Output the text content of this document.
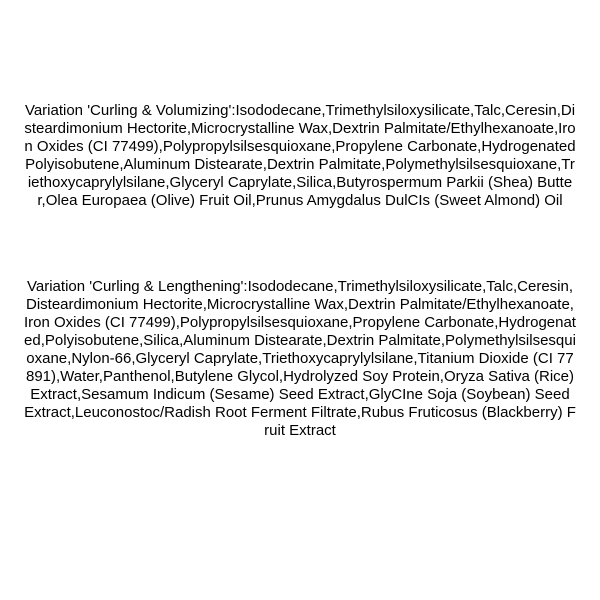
Variation 'Curling & Volumizing':Isododecane,Trimethylsiloxysilicate,Talc,Ceresin,Disteardimonium Hectorite,Microcrystalline Wax,Dextrin Palmitate/Ethylhexanoate,Iron Oxides (CI 77499),Polypropylsilsesquioxane,Propylene Carbonate,Hydrogenated Polyisobutene,Aluminum Distearate,Dextrin Palmitate,Polymethylsilsesquioxane,Triethoxycaprylylsilane,Glyceryl Caprylate,Silica,Butyrospermum Parkii (Shea) Butter,Olea Europaea (Olive) Fruit Oil,Prunus Amygdalus DulCIs (Sweet Almond) Oil

Variation 'Curling & Lengthening':Isododecane,Trimethylsiloxysilicate,Talc,Ceresin,Disteardimonium Hectorite,Microcrystalline Wax,Dextrin Palmitate/Ethylhexanoate,Iron Oxides (CI 77499),Polypropylsilsesquioxane,Propylene Carbonate,Hydrogenated,Polyisobutene,Silica,Aluminum Distearate,Dextrin Palmitate,Polymethylsilsesquioxane,Nylon-66,Glyceryl Caprylate,Triethoxycaprylylsilane,Titanium Dioxide (CI 77891),Water,Panthenol,Butylene Glycol,Hydrolyzed Soy Protein,Oryza Sativa (Rice) Extract,Sesamum Indicum (Sesame) Seed Extract,GlyCIne Soja (Soybean) Seed Extract,Leuconostoc/Radish Root Ferment Filtrate,Rubus Fruticosus (Blackberry) Fruit Extract
